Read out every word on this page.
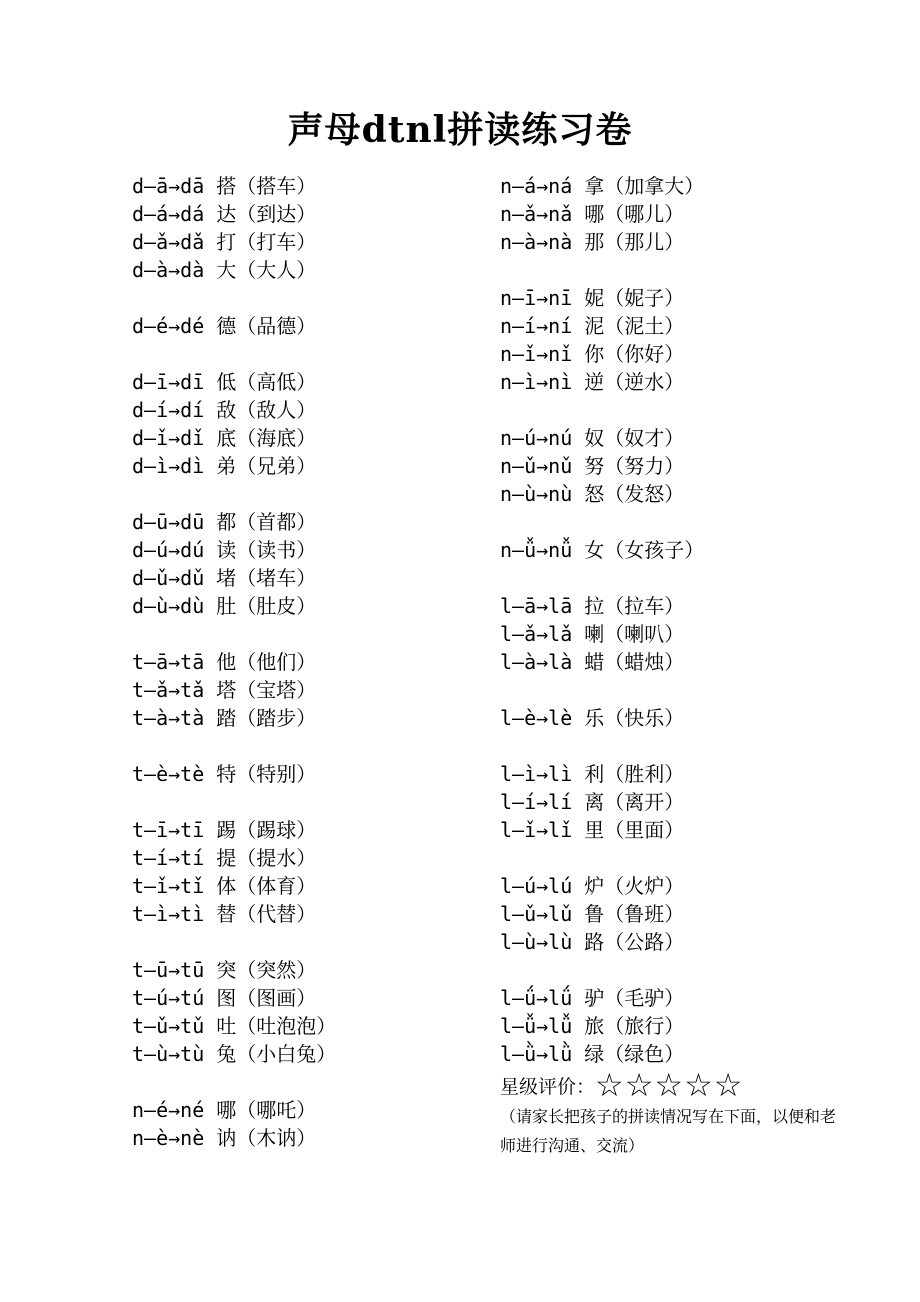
声母dtnl拼读练习卷
d—ā→dā 搭（搭车）
d—á→dá 达（到达）
d—ǎ→dǎ 打（打车）
d—à→dà 大（大人）
d—é→dé 德（品德）
d—ī→dī 低（高低）
d—í→dí 敌（敌人）
d—ǐ→dǐ 底（海底）
d—ì→dì 弟（兄弟）
d—ū→dū 都（首都）
d—ú→dú 读（读书）
d—ǔ→dǔ 堵（堵车）
d—ù→dù 肚（肚皮）
t—ā→tā 他（他们）
t—ǎ→tǎ 塔（宝塔）
t—à→tà 踏（踏步）
t—è→tè 特（特别）
t—ī→tī 踢（踢球）
t—í→tí 提（提水）
t—ǐ→tǐ 体（体育）
t—ì→tì 替（代替）
t—ū→tū 突（突然）
t—ú→tú 图（图画）
t—ǔ→tǔ 吐（吐泡泡）
t—ù→tù 兔（小白兔）
n—é→né 哪（哪吒）
n—è→nè 讷（木讷）
n—á→ná 拿（加拿大）
n—ǎ→nǎ 哪（哪儿）
n—à→nà 那（那儿）
n—ī→nī 妮（妮子）
n—í→ní 泥（泥土）
n—ǐ→nǐ 你（你好）
n—ì→nì 逆（逆水）
n—ú→nú 奴（奴才）
n—ǔ→nǔ 努（努力）
n—ù→nù 怒（发怒）
n—ǚ→nǚ 女（女孩子）
l—ā→lā 拉（拉车）
l—ǎ→lǎ 喇（喇叭）
l—à→là 蜡（蜡烛）
l—è→lè 乐（快乐）
l—ì→lì 利（胜利）
l—í→lí 离（离开）
l—ǐ→lǐ 里（里面）
l—ú→lú 炉（火炉）
l—ǔ→lǔ 鲁（鲁班）
l—ù→lù 路（公路）
l—ǘ→lǘ 驴（毛驴）
l—ǚ→lǚ 旅（旅行）
l—ǜ→lǜ 绿（绿色）
星级评价：☆☆☆☆☆
（请家长把孩子的拼读情况写在下面，以便和老师进行沟通、交流）
